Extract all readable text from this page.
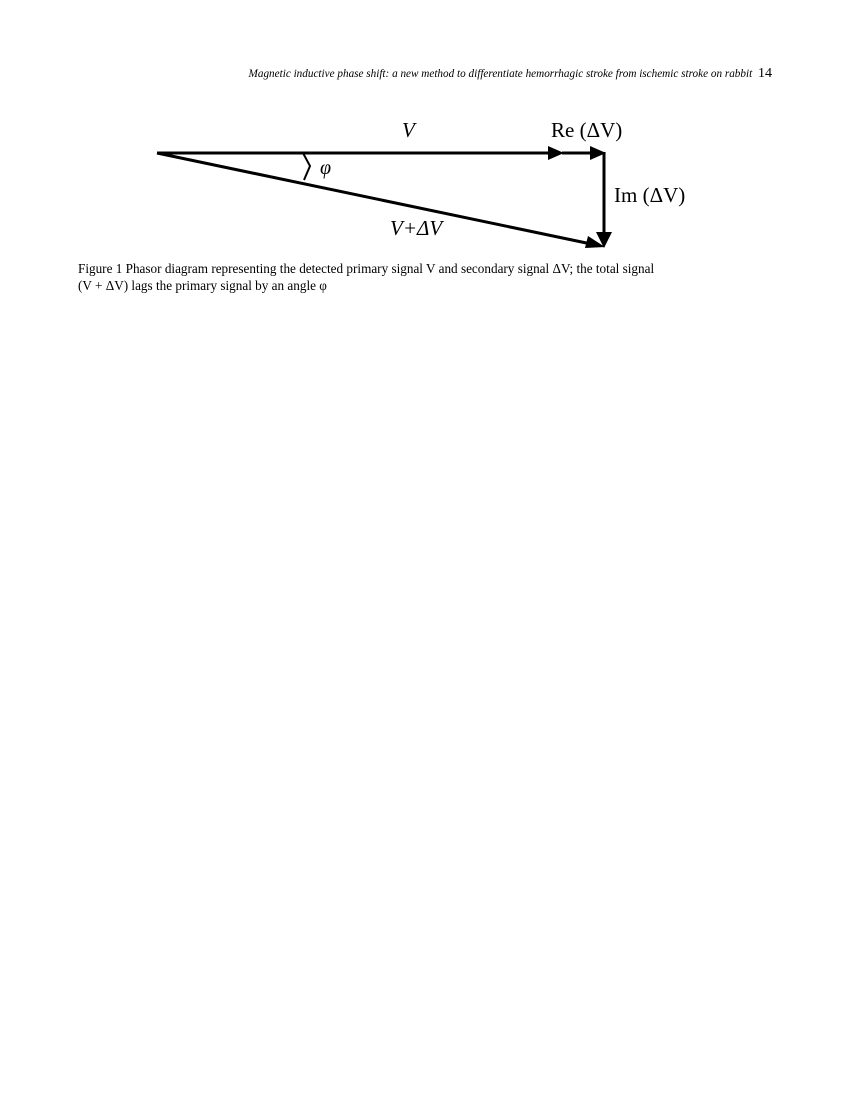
Magnetic inductive phase shift: a new method to differentiate hemorrhagic stroke from ischemic stroke on rabbit 14
V	Re (ΔV)
Im (ΔV)
φ
V+ΔV
Figure 1 Phasor diagram representing the detected primary signal V and secondary signal ΔV; the total signal
(V + ΔV) lags the primary signal by an angle φ
